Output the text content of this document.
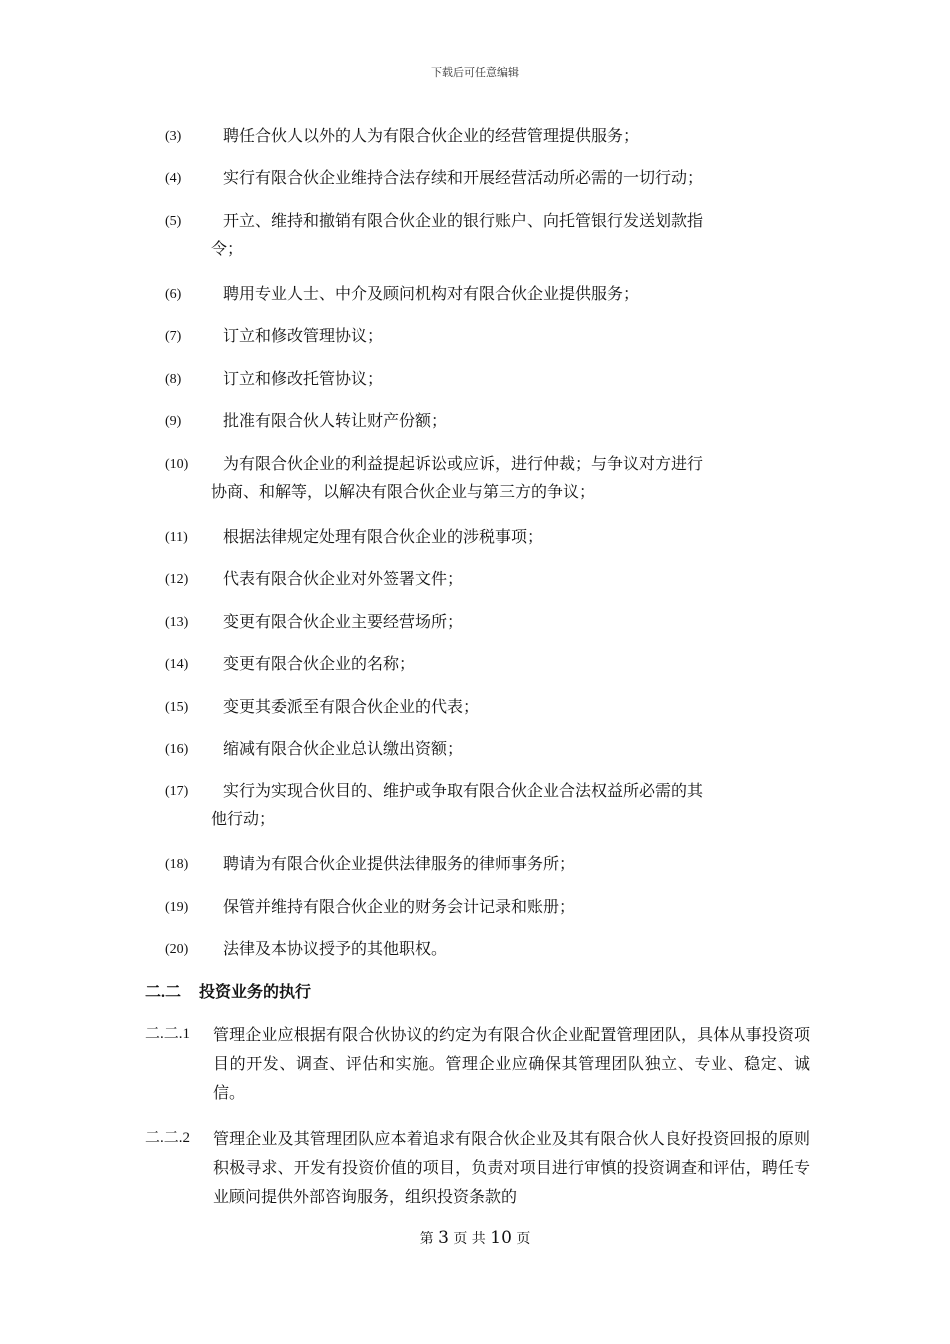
下载后可任意编辑
(3)	聘任合伙人以外的人为有限合伙企业的经营管理提供服务；
(4)	实行有限合伙企业维持合法存续和开展经营活动所必需的一切行动；
(5)	开立、维持和撤销有限合伙企业的银行账户、向托管银行发送划款指
令；
(6)	聘用专业人士、中介及顾问机构对有限合伙企业提供服务；
(7)	订立和修改管理协议；
(8)	订立和修改托管协议；
(9)	批准有限合伙人转让财产份额；
(10) 为有限合伙企业的利益提起诉讼或应诉，进行仲裁；与争议对方进行
协商、和解等，以解决有限合伙企业与第三方的争议；
(11) 根据法律规定处理有限合伙企业的涉税事项；
(12) 代表有限合伙企业对外签署文件；
(13) 变更有限合伙企业主要经营场所；
(14) 变更有限合伙企业的名称；
(15) 变更其委派至有限合伙企业的代表；
(16) 缩减有限合伙企业总认缴出资额；
(17) 实行为实现合伙目的、维护或争取有限合伙企业合法权益所必需的其
他行动；
(18) 聘请为有限合伙企业提供法律服务的律师事务所；
(19) 保管并维持有限合伙企业的财务会计记录和账册；
(20) 法律及本协议授予的其他职权。
二.二 投资业务的执行
二.二.1 管理企业应根据有限合伙协议的约定为有限合伙企业配置管理团队，具体从事投资项目的开发、调查、评估和实施。管理企业应确保其管理团队独立、专业、稳定、诚信。
二.二.2 管理企业及其管理团队应本着追求有限合伙企业及其有限合伙人良好投资回报的原则积极寻求、开发有投资价值的项目，负责对项目进行审慎的投资调查和评估，聘任专业顾问提供外部咨询服务，组织投资条款的
第 3 页 共 10 页
